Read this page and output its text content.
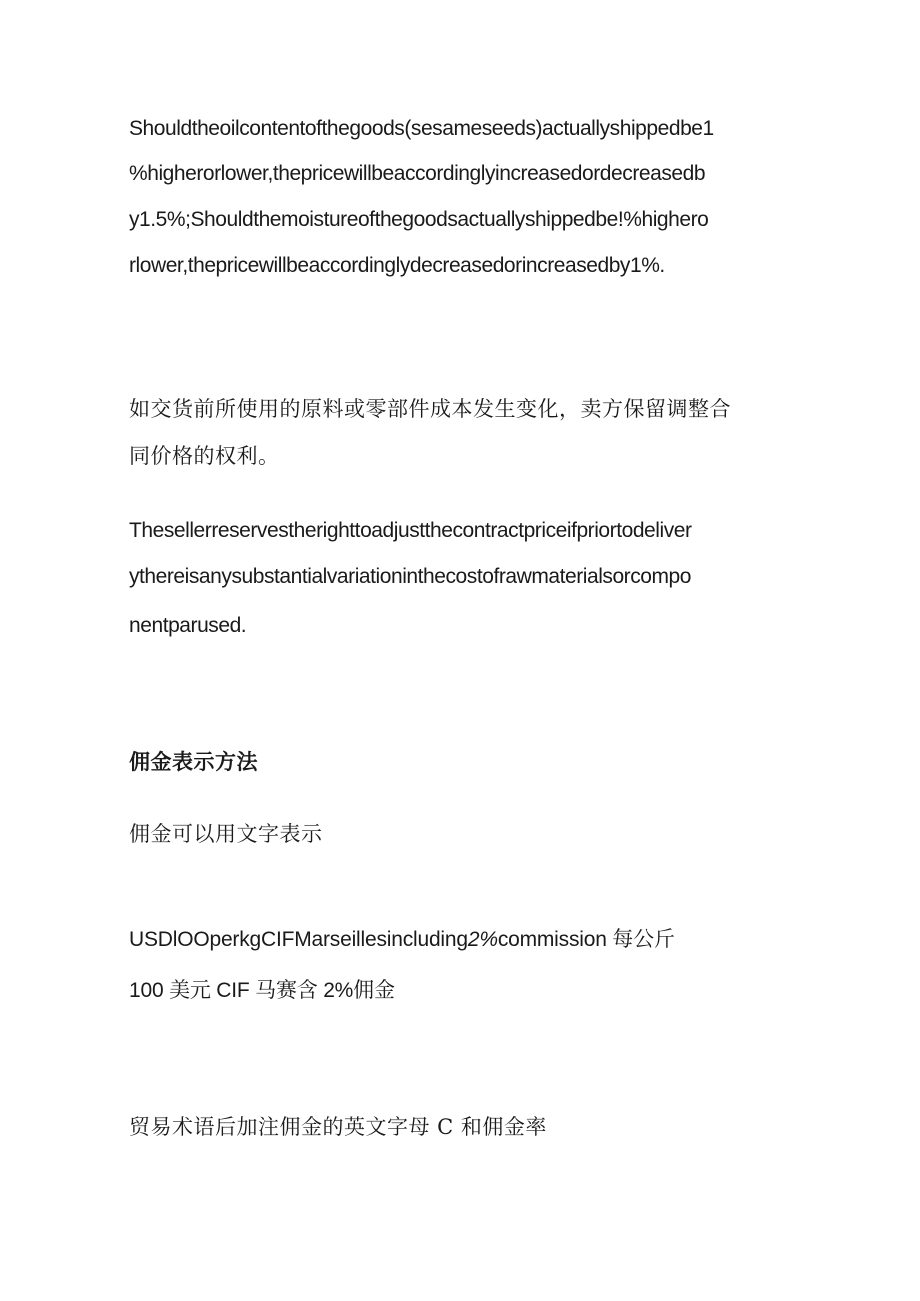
Shouldtheoilcontentofthegoods(sesameseeds)actuallyshippedbe1

%higherorlower,thepricewillbeaccordinglyincreasedordecreasedb

y1.5%;Shouldthemoistureofthegoodsactuallyshippedbe!%highero

rlower,thepricewillbeaccordinglydecreasedorincreasedby1%.

如交货前所使用的原料或零部件成本发生变化，卖方保留调整合

同价格的权利。

Thesellerreservestherighttoadjustthecontractpriceifpriortodeliver

ythereisanysubstantialvariationinthecostofrawmaterialsorcompo

nentparused.

佣金表示方法

佣金可以用文字表示

USDlOOperkgCIFMarseillesincluding2%commission 每公斤

100 美元 CIF 马赛含 2%佣金

贸易术语后加注佣金的英文字母 C 和佣金率
